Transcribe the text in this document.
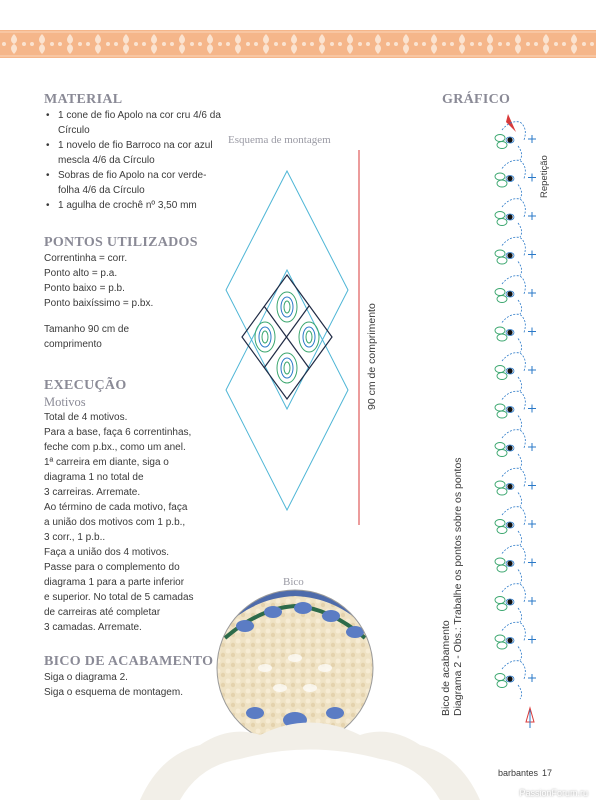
MATERIAL
• 1 cone de fio Apolo na cor cru 4/6 da Círculo
• 1 novelo de fio Barroco na cor azul mescla 4/6 da Círculo
• Sobras de fio Apolo na cor verde-folha 4/6 da Círculo
• 1 agulha de crochê nº 3,50 mm
PONTOS UTILIZADOS
Correntinha = corr.
Ponto alto = p.a.
Ponto baixo = p.b.
Ponto baixíssimo = p.bx.
Tamanho 90 cm de comprimento
EXECUÇÃO
Motivos
Total de 4 motivos.
Para a base, faça 6 correntinhas,
feche com p.bx., como um anel.
1ª carreira em diante, siga o
diagrama 1 no total de
3 carreiras. Arremate.
Ao término de cada motivo, faça
a união dos motivos com 1 p.b.,
3 corr., 1 p.b..
Faça a união dos 4 motivos.
Passe para o complemento do
diagrama 1 para a parte inferior
e superior. No total de 5 camadas
de carreiras até completar
3 camadas. Arremate.
BICO DE ACABAMENTO
Siga o diagrama 2.
Siga o esquema de montagem.
Esquema de montagem
90 cm de comprimento
Bico
GRÁFICO
Repetição
Bico de acabamento Diagrama 2 - Obs.: Trabalhe os pontos sobre os pontos
barbantes 17
PassionForum.ru
